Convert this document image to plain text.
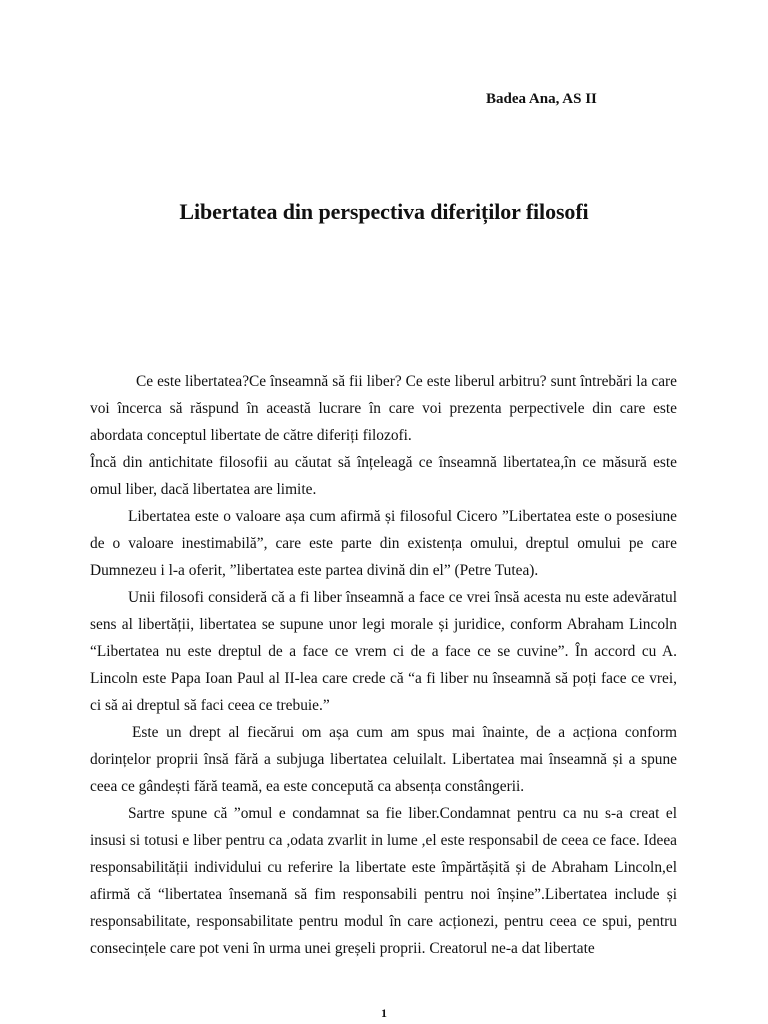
Badea Ana, AS II
Libertatea din perspectiva diferiților filosofi

Ce este libertatea?Ce înseamnă să fii liber? Ce este liberul arbitru? sunt întrebări la care voi încerca să răspund în această lucrare în care voi prezenta perpectivele din care este abordata conceptul libertate de către diferiți filozofi.

Încă din antichitate filosofii au căutat să înțeleagă ce înseamnă libertatea,în ce măsură este omul liber, dacă libertatea are limite.

Libertatea este o valoare așa cum afirmă și filosoful Cicero ”Libertatea este o posesiune de o valoare inestimabilă”, care este parte din existența omului, dreptul omului pe care Dumnezeu i l-a oferit, ”libertatea este partea divină din el” (Petre Tutea).

Unii filosofi consideră că a fi liber înseamnă a face ce vrei însă acesta nu este adevăratul sens al libertății, libertatea se supune unor legi morale și juridice, conform Abraham Lincoln “Libertatea nu este dreptul de a face ce vrem ci de a face ce se cuvine”. În accord cu A. Lincoln este Papa Ioan Paul al II-lea care crede că “a fi liber nu înseamnă să poți face ce vrei, ci să ai dreptul să faci ceea ce trebuie.”

Este un drept al fiecărui om așa cum am spus mai înainte, de a acționa conform dorințelor proprii însă fără a subjuga libertatea celuilalt. Libertatea mai înseamnă și a spune ceea ce gândești fără teamă, ea este concepută ca absența constângerii.

Sartre spune că ”omul e condamnat sa fie liber.Condamnat pentru ca nu s-a creat el insusi si totusi e liber pentru ca ,odata zvarlit in lume ,el este responsabil de ceea ce face. Ideea responsabilității individului cu referire la libertate este împărtășită și de Abraham Lincoln,el afirmă că “libertatea însemană să fim responsabili pentru noi înșine”.Libertatea include și responsabilitate, responsabilitate pentru modul în care acționezi, pentru ceea ce spui, pentru consecințele care pot veni în urma unei greșeli proprii. Creatorul ne-a dat libertate

1
